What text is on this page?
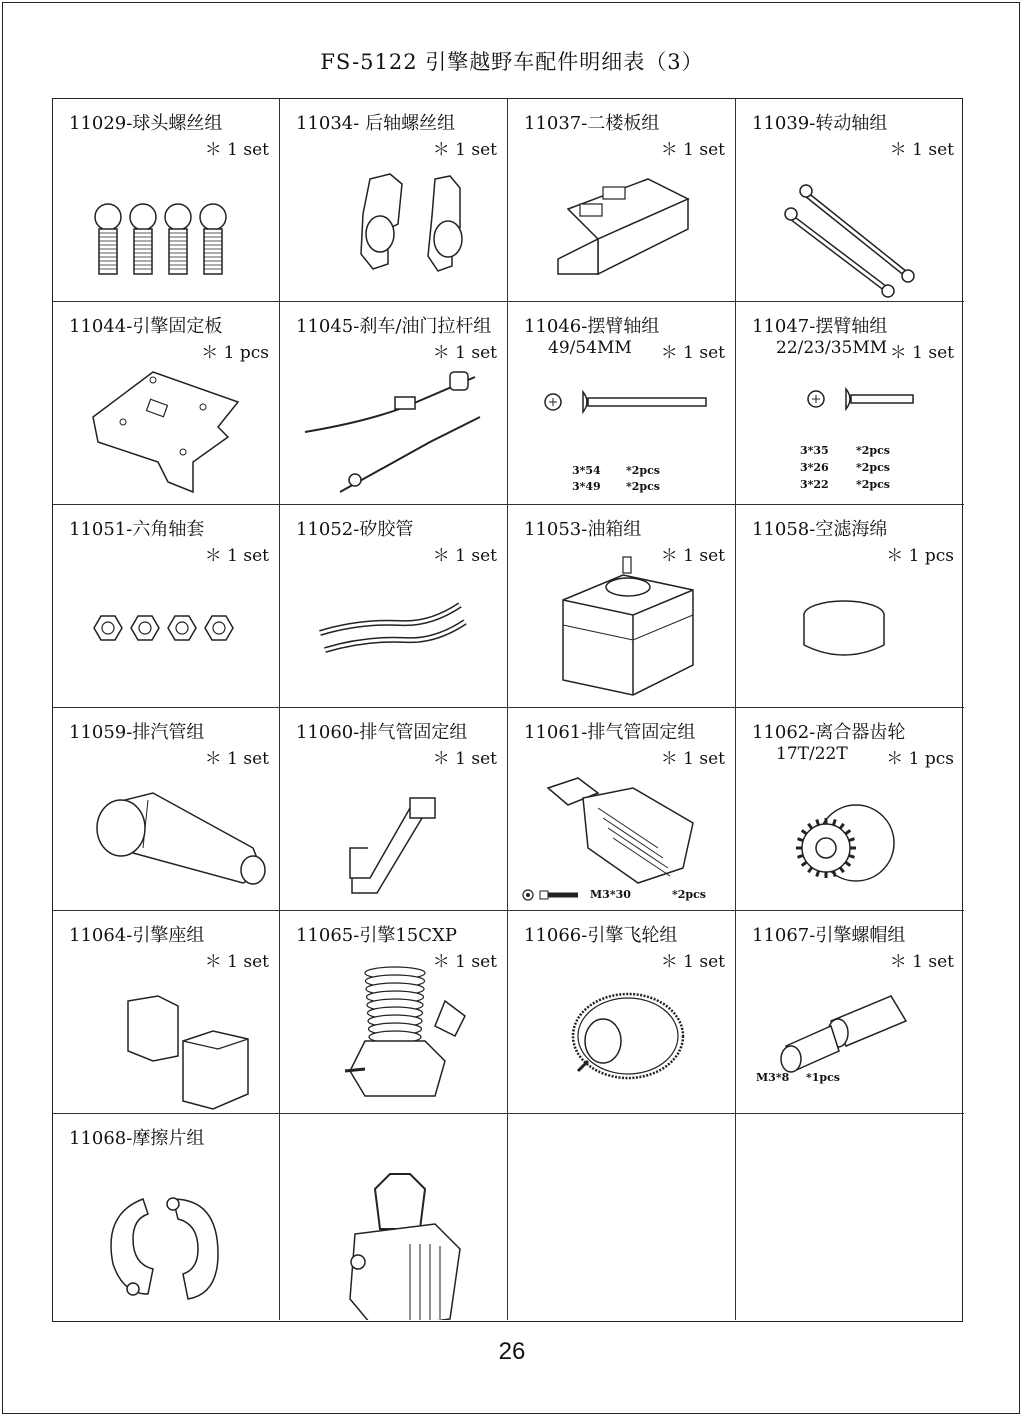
FS-5122 引擎越野车配件明细表（3）
11029-球头螺丝组
＊ 1 set
11034- 后轴螺丝组
＊ 1 set
11037-二楼板组
＊ 1 set
11039-转动轴组
＊ 1 set
11044-引擎固定板
＊ 1 pcs
11045-刹车/油门拉杆组
＊ 1 set
11046-摆臂轴组
49/54MM ＊ 1 set
3*54 *2pcs
3*49 *2pcs
11047-摆臂轴组
22/23/35MM ＊ 1 set
3*35 *2pcs
3*26 *2pcs
3*22 *2pcs
11051-六角轴套
＊ 1 set
11052-矽胶管
＊ 1 set
11053-油箱组
＊ 1 set
11058-空滤海绵
＊ 1 pcs
11059-排汽管组
＊ 1 set
11060-排气管固定组
＊ 1 set
11061-排气管固定组
＊ 1 set
M3*30	*2pcs
11062-离合器齿轮
17T/22T ＊ 1 pcs
11064-引擎座组
＊ 1 set
11065-引擎15CXP
＊ 1 set
11066-引擎飞轮组
＊ 1 set
11067-引擎螺帽组
＊ 1 set
M3*8 *1pcs
11068-摩擦片组
26
